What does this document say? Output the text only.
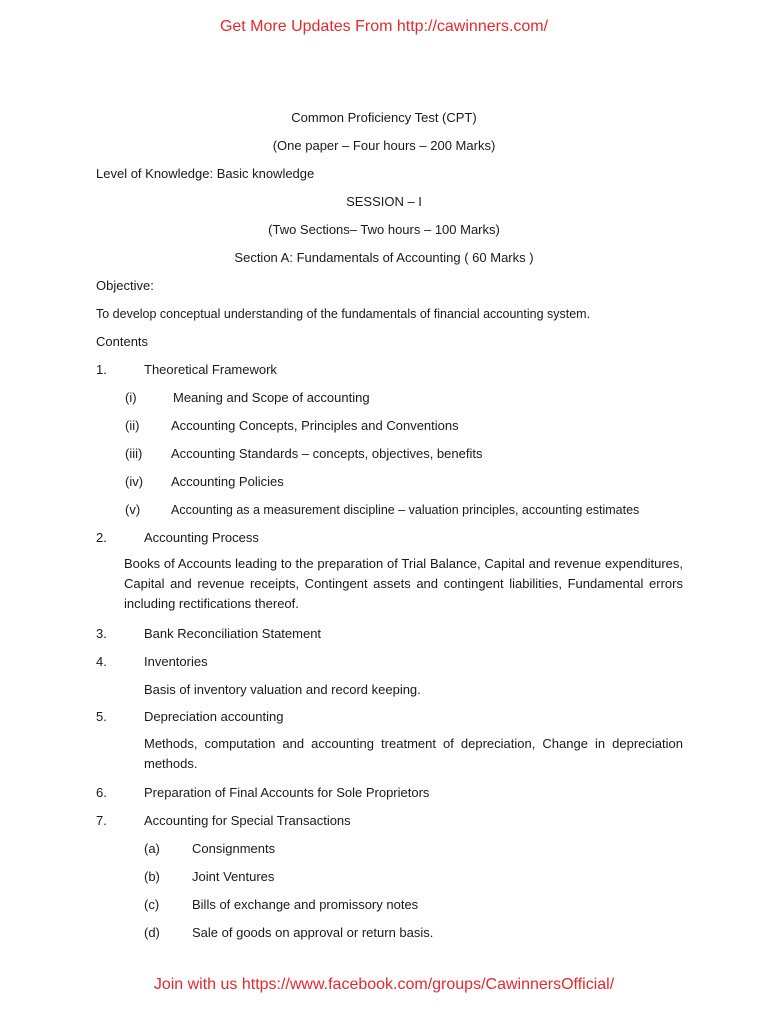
Get More Updates From http://cawinners.com/
Common Proficiency Test (CPT)
(One paper – Four hours – 200 Marks)
Level of Knowledge: Basic knowledge
SESSION – I
(Two Sections– Two hours – 100 Marks)
Section A: Fundamentals of Accounting ( 60 Marks )
Objective:
To develop conceptual understanding of the fundamentals of financial accounting system.
Contents
1.	Theoretical Framework
(i)	Meaning and Scope of accounting
(ii) Accounting Concepts, Principles and Conventions
(iii) Accounting Standards – concepts, objectives, benefits
(iv) Accounting Policies
(v) Accounting as a measurement discipline – valuation principles, accounting estimates
2.	Accounting Process
Books of Accounts leading to the preparation of Trial Balance, Capital and revenue expenditures, Capital and revenue receipts, Contingent assets and contingent liabilities, Fundamental errors including rectifications thereof.
3.	Bank Reconciliation Statement
4.	Inventories
Basis of inventory valuation and record keeping.
5.	Depreciation accounting
Methods, computation and accounting treatment of depreciation, Change in depreciation methods.
6.	Preparation of Final Accounts for Sole Proprietors
7.	Accounting for Special Transactions
(a) Consignments
(b) Joint Ventures
(c)	Bills of exchange and promissory notes
(d) Sale of goods on approval or return basis.
Join with us https://www.facebook.com/groups/CawinnersOfficial/
